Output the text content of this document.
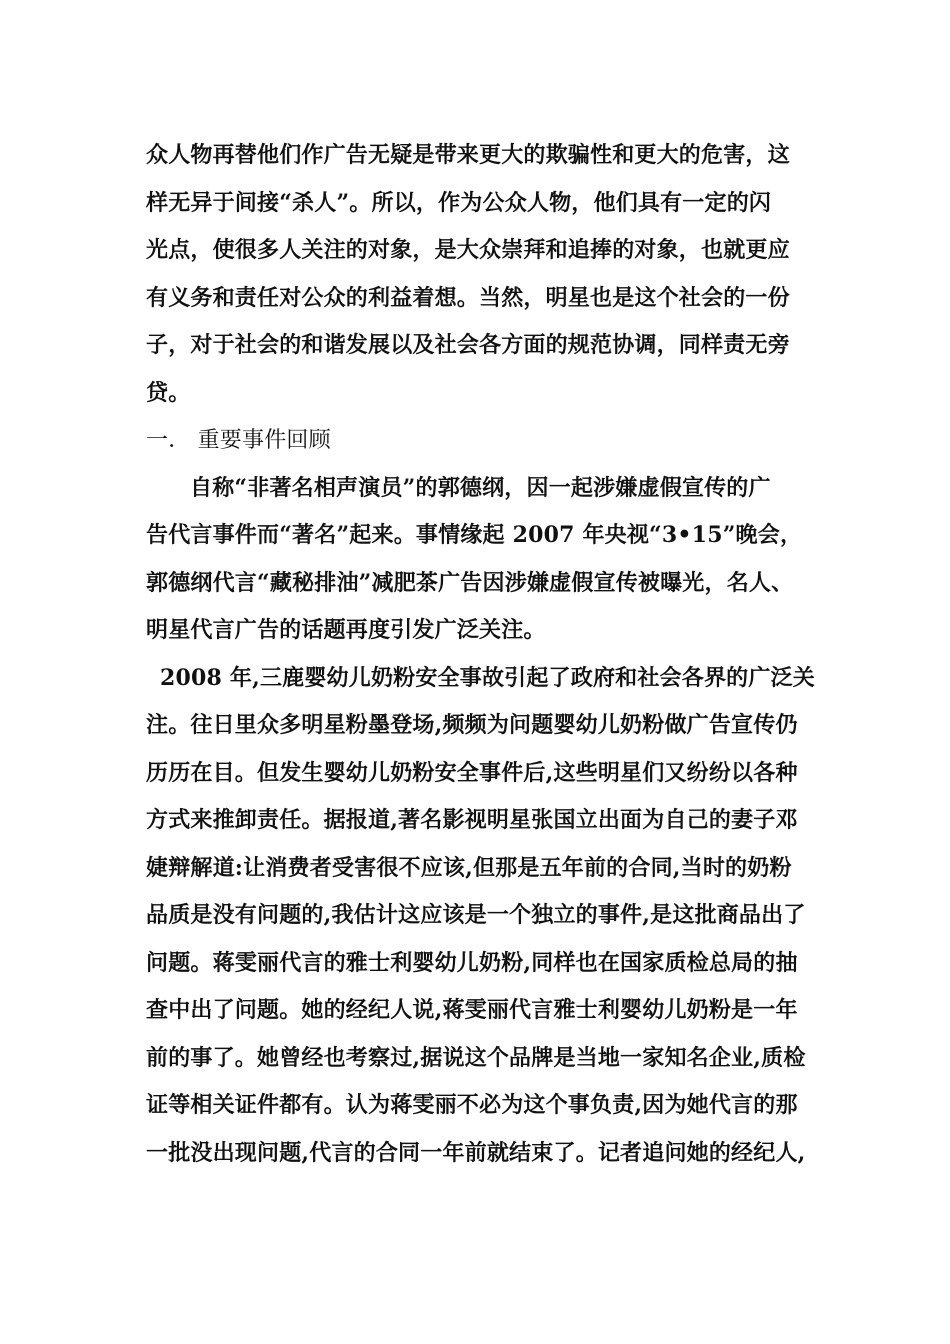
众人物再替他们作广告无疑是带来更大的欺骗性和更大的危害，这
样无异于间接“杀人”。所以，作为公众人物，他们具有一定的闪
光点，使很多人关注的对象，是大众崇拜和追捧的对象，也就更应
有义务和责任对公众的利益着想。当然，明星也是这个社会的一份
子，对于社会的和谐发展以及社会各方面的规范协调，同样责无旁
贷。
一． 重要事件回顾
自称“非著名相声演员”的郭德纲，因一起涉嫌虚假宣传的广
告代言事件而“著名”起来。事情缘起 2007 年央视“3•15”晚会，
郭德纲代言“藏秘排油”减肥茶广告因涉嫌虚假宣传被曝光，名人、
明星代言广告的话题再度引发广泛关注。
2008 年,三鹿婴幼儿奶粉安全事故引起了政府和社会各界的广泛关
注。往日里众多明星粉墨登场,频频为问题婴幼儿奶粉做广告宣传仍
历历在目。但发生婴幼儿奶粉安全事件后,这些明星们又纷纷以各种
方式来推卸责任。据报道,著名影视明星张国立出面为自己的妻子邓
婕辩解道:让消费者受害很不应该,但那是五年前的合同,当时的奶粉
品质是没有问题的,我估计这应该是一个独立的事件,是这批商品出了
问题。蒋雯丽代言的雅士利婴幼儿奶粉,同样也在国家质检总局的抽
查中出了问题。她的经纪人说,蒋雯丽代言雅士利婴幼儿奶粉是一年
前的事了。她曾经也考察过,据说这个品牌是当地一家知名企业,质检
证等相关证件都有。认为蒋雯丽不必为这个事负责,因为她代言的那
一批没出现问题,代言的合同一年前就结束了。记者追问她的经纪人,
